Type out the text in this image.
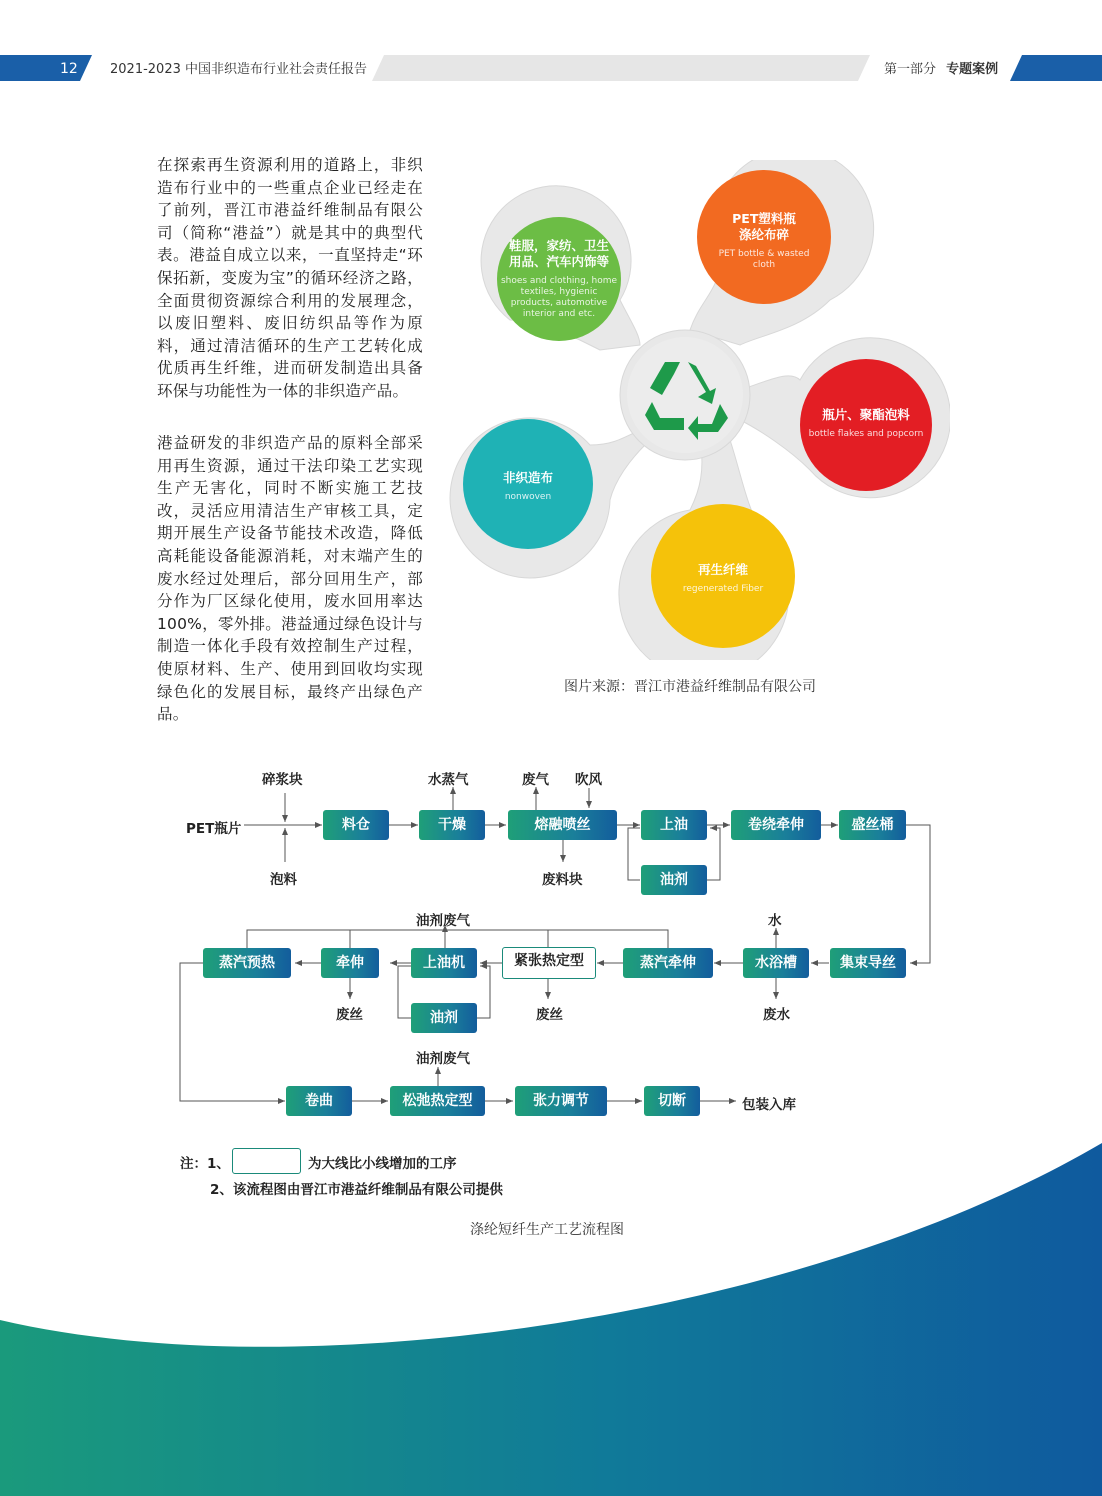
12 2021-2023 中国非织造布行业社会责任报告	第一部分 专题案例
在探索再生资源利用的道路上，非织造布行业中的一些重点企业已经走在了前列，晋江市港益纤维制品有限公司（简称“港益”）就是其中的典型代表。港益自成立以来，一直坚持走“环保拓新，变废为宝”的循环经济之路，全面贯彻资源综合利用的发展理念，以废旧塑料、废旧纺织品等作为原料，通过清洁循环的生产工艺转化成优质再生纤维，进而研发制造出具备环保与功能性为一体的非织造产品。
港益研发的非织造产品的原料全部采用再生资源，通过干法印染工艺实现生产无害化，同时不断实施工艺技改，灵活应用清洁生产审核工具，定期开展生产设备节能技术改造，降低高耗能设备能源消耗，对末端产生的废水经过处理后，部分回用生产，部分作为厂区绿化使用，废水回用率达 100%，零外排。港益通过绿色设计与制造一体化手段有效控制生产过程，使原材料、生产、使用到回收均实现绿色化的发展目标，最终产出绿色产品。
鞋服，家纺、卫生
用品、汽车内饰等
shoes and clothing, home textiles, hygienic products, automotive interior and etc.
PET塑料瓶
涤纶布碎
PET bottle & wasted cloth
瓶片、聚酯泡料
bottle flakes and popcorn
再生纤维
regenerated Fiber
非织造布
nonwoven
图片来源：晋江市港益纤维制品有限公司
料仓	干燥	熔融喷丝	上油	卷绕牵伸	盛丝桶
油剂
集束导丝
水浴槽
蒸汽牵伸
紧张热定型
上油机
牵伸
蒸汽预热
油剂
卷曲	松弛热定型	张力调节	切断
碎浆块
PET瓶片
泡料
水蒸气	废气 吹风
废料块
油剂废气	水
废丝	废丝	废水
油剂废气
包装入库
注：1、	为大线比小线增加的工序
2、该流程图由晋江市港益纤维制品有限公司提供
涤纶短纤生产工艺流程图
